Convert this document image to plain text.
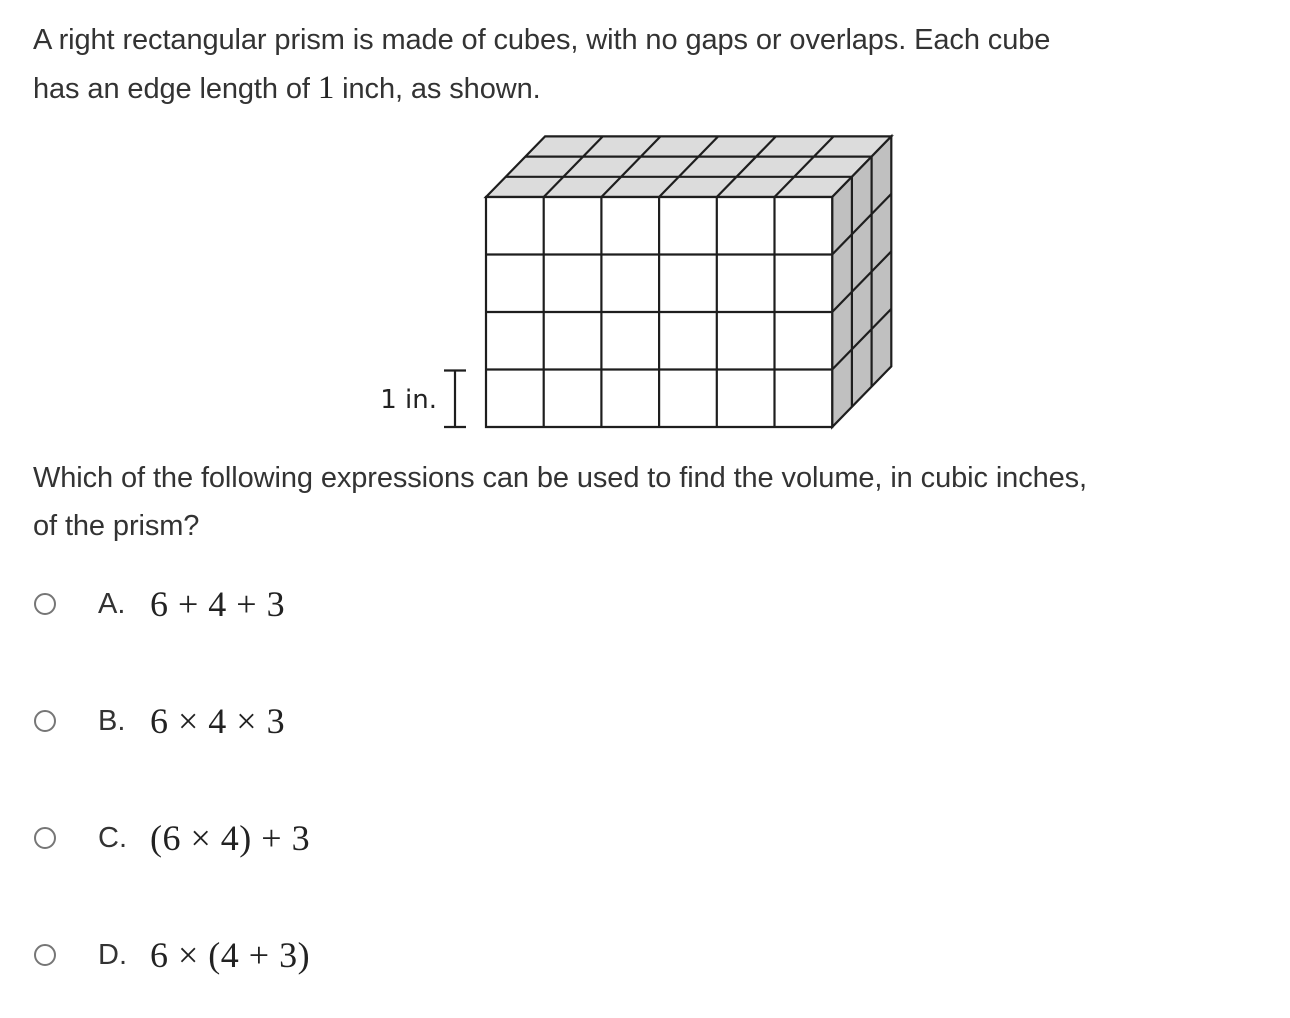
A right rectangular prism is made of cubes, with no gaps or overlaps. Each cube
has an edge length of 1 inch, as shown.
1 in.
Which of the following expressions can be used to find the volume, in cubic inches,
of the prism?
A. 6 + 4 + 3
B. 6 × 4 × 3
C. (6 × 4) + 3
D. 6 × (4 + 3)
